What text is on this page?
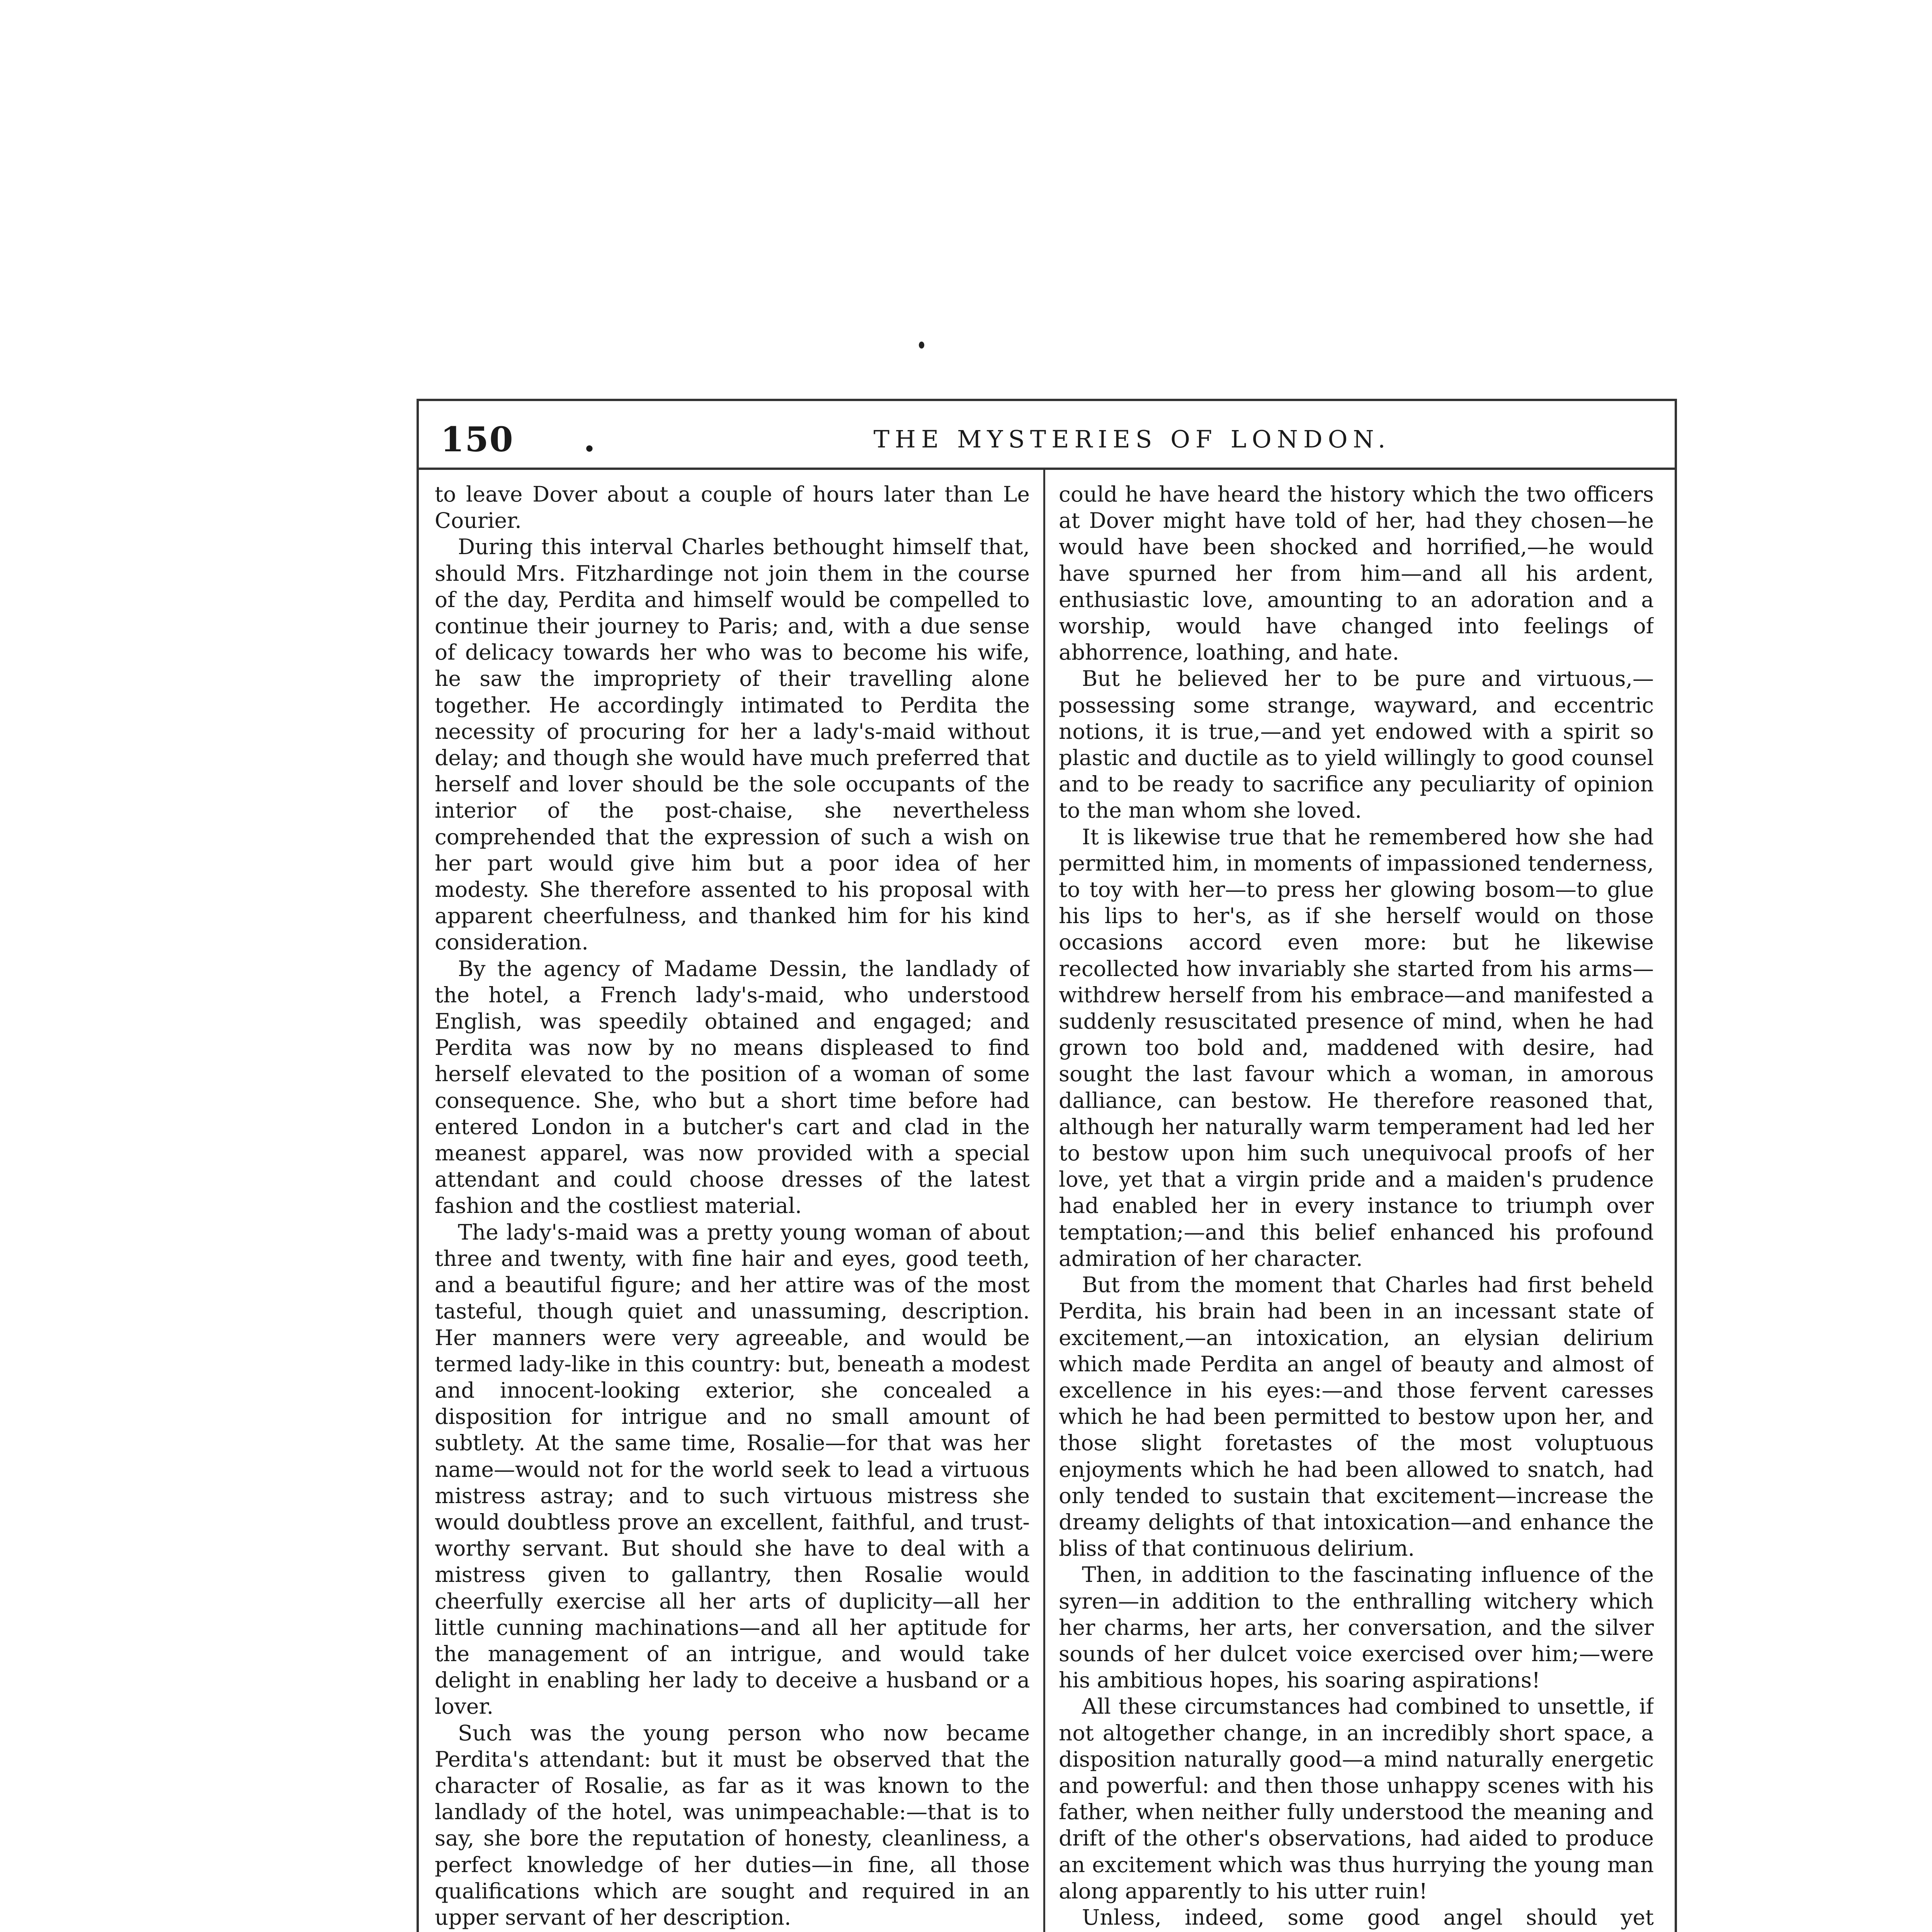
150 .	THE MYSTERIES OF LONDON.

to leave Dover about a couple of hours later than Le Courier.

During this interval Charles bethought himself that, should Mrs. Fitzhardinge not join them in the course of the day, Perdita and himself would be compelled to continue their journey to Paris; and, with a due sense of delicacy towards her who was to become his wife, he saw the impropriety of their travelling alone together. He accordingly intimated to Perdita the necessity of procuring for her a lady's-maid without delay; and though she would have much preferred that herself and lover should be the sole occupants of the interior of the post-chaise, she nevertheless comprehended that the expression of such a wish on her part would give him but a poor idea of her modesty. She therefore assented to his proposal with apparent cheerfulness, and thanked him for his kind consideration.

By the agency of Madame Dessin, the landlady of the hotel, a French lady's-maid, who understood English, was speedily obtained and engaged; and Perdita was now by no means displeased to find herself elevated to the position of a woman of some consequence. She, who but a short time before had entered London in a butcher's cart and clad in the meanest apparel, was now provided with a special attendant and could choose dresses of the latest fashion and the costliest material.

The lady's-maid was a pretty young woman of about three and twenty, with fine hair and eyes, good teeth, and a beautiful figure; and her attire was of the most tasteful, though quiet and unassuming, description. Her manners were very agreeable, and would be termed lady-like in this country: but, beneath a modest and innocent-looking exterior, she concealed a disposition for intrigue and no small amount of subtlety. At the same time, Rosalie—for that was her name—would not for the world seek to lead a virtuous mistress astray; and to such virtuous mistress she would doubtless prove an excellent, faithful, and trust-worthy servant. But should she have to deal with a mistress given to gallantry, then Rosalie would cheerfully exercise all her arts of duplicity—all her little cunning machinations—and all her aptitude for the management of an intrigue, and would take delight in enabling her lady to deceive a husband or a lover.

Such was the young person who now became Perdita's attendant: but it must be observed that the character of Rosalie, as far as it was known to the landlady of the hotel, was unimpeachable:—that is to say, she bore the reputation of honesty, cleanliness, a perfect knowledge of her duties—in fine, all those qualifications which are sought and required in an upper servant of her description.

could he have heard the history which the two officers at Dover might have told of her, had they chosen—he would have been shocked and horrified,—he would have spurned her from him—and all his ardent, enthusiastic love, amounting to an adoration and a worship, would have changed into feelings of abhorrence, loathing, and hate.

But he believed her to be pure and virtuous,—possessing some strange, wayward, and eccentric notions, it is true,—and yet endowed with a spirit so plastic and ductile as to yield willingly to good counsel and to be ready to sacrifice any peculiarity of opinion to the man whom she loved.

It is likewise true that he remembered how she had permitted him, in moments of impassioned tenderness, to toy with her—to press her glowing bosom—to glue his lips to her's, as if she herself would on those occasions accord even more: but he likewise recollected how invariably she started from his arms—withdrew herself from his embrace—and manifested a suddenly resuscitated presence of mind, when he had grown too bold and, maddened with desire, had sought the last favour which a woman, in amorous dalliance, can bestow. He therefore reasoned that, although her naturally warm temperament had led her to bestow upon him such unequivocal proofs of her love, yet that a virgin pride and a maiden's prudence had enabled her in every instance to triumph over temptation;—and this belief enhanced his profound admiration of her character.

But from the moment that Charles had first beheld Perdita, his brain had been in an incessant state of excitement,—an intoxication, an elysian delirium which made Perdita an angel of beauty and almost of excellence in his eyes:—and those fervent caresses which he had been permitted to bestow upon her, and those slight foretastes of the most voluptuous enjoyments which he had been allowed to snatch, had only tended to sustain that excitement—increase the dreamy delights of that intoxication—and enhance the bliss of that continuous delirium.

Then, in addition to the fascinating influence of the syren—in addition to the enthralling witchery which her charms, her arts, her conversation, and the silver sounds of her dulcet voice exercised over him;—were his ambitious hopes, his soaring aspirations!

All these circumstances had combined to unsettle, if not altogether change, in an incredibly short space, a disposition naturally good—a mind naturally energetic and powerful: and then those unhappy scenes with his father, when neither fully understood the meaning and drift of the other's observations, had aided to produce an excitement which was thus hurrying the young man along apparently to his utter ruin!

Unless, indeed, some good angel should yet
